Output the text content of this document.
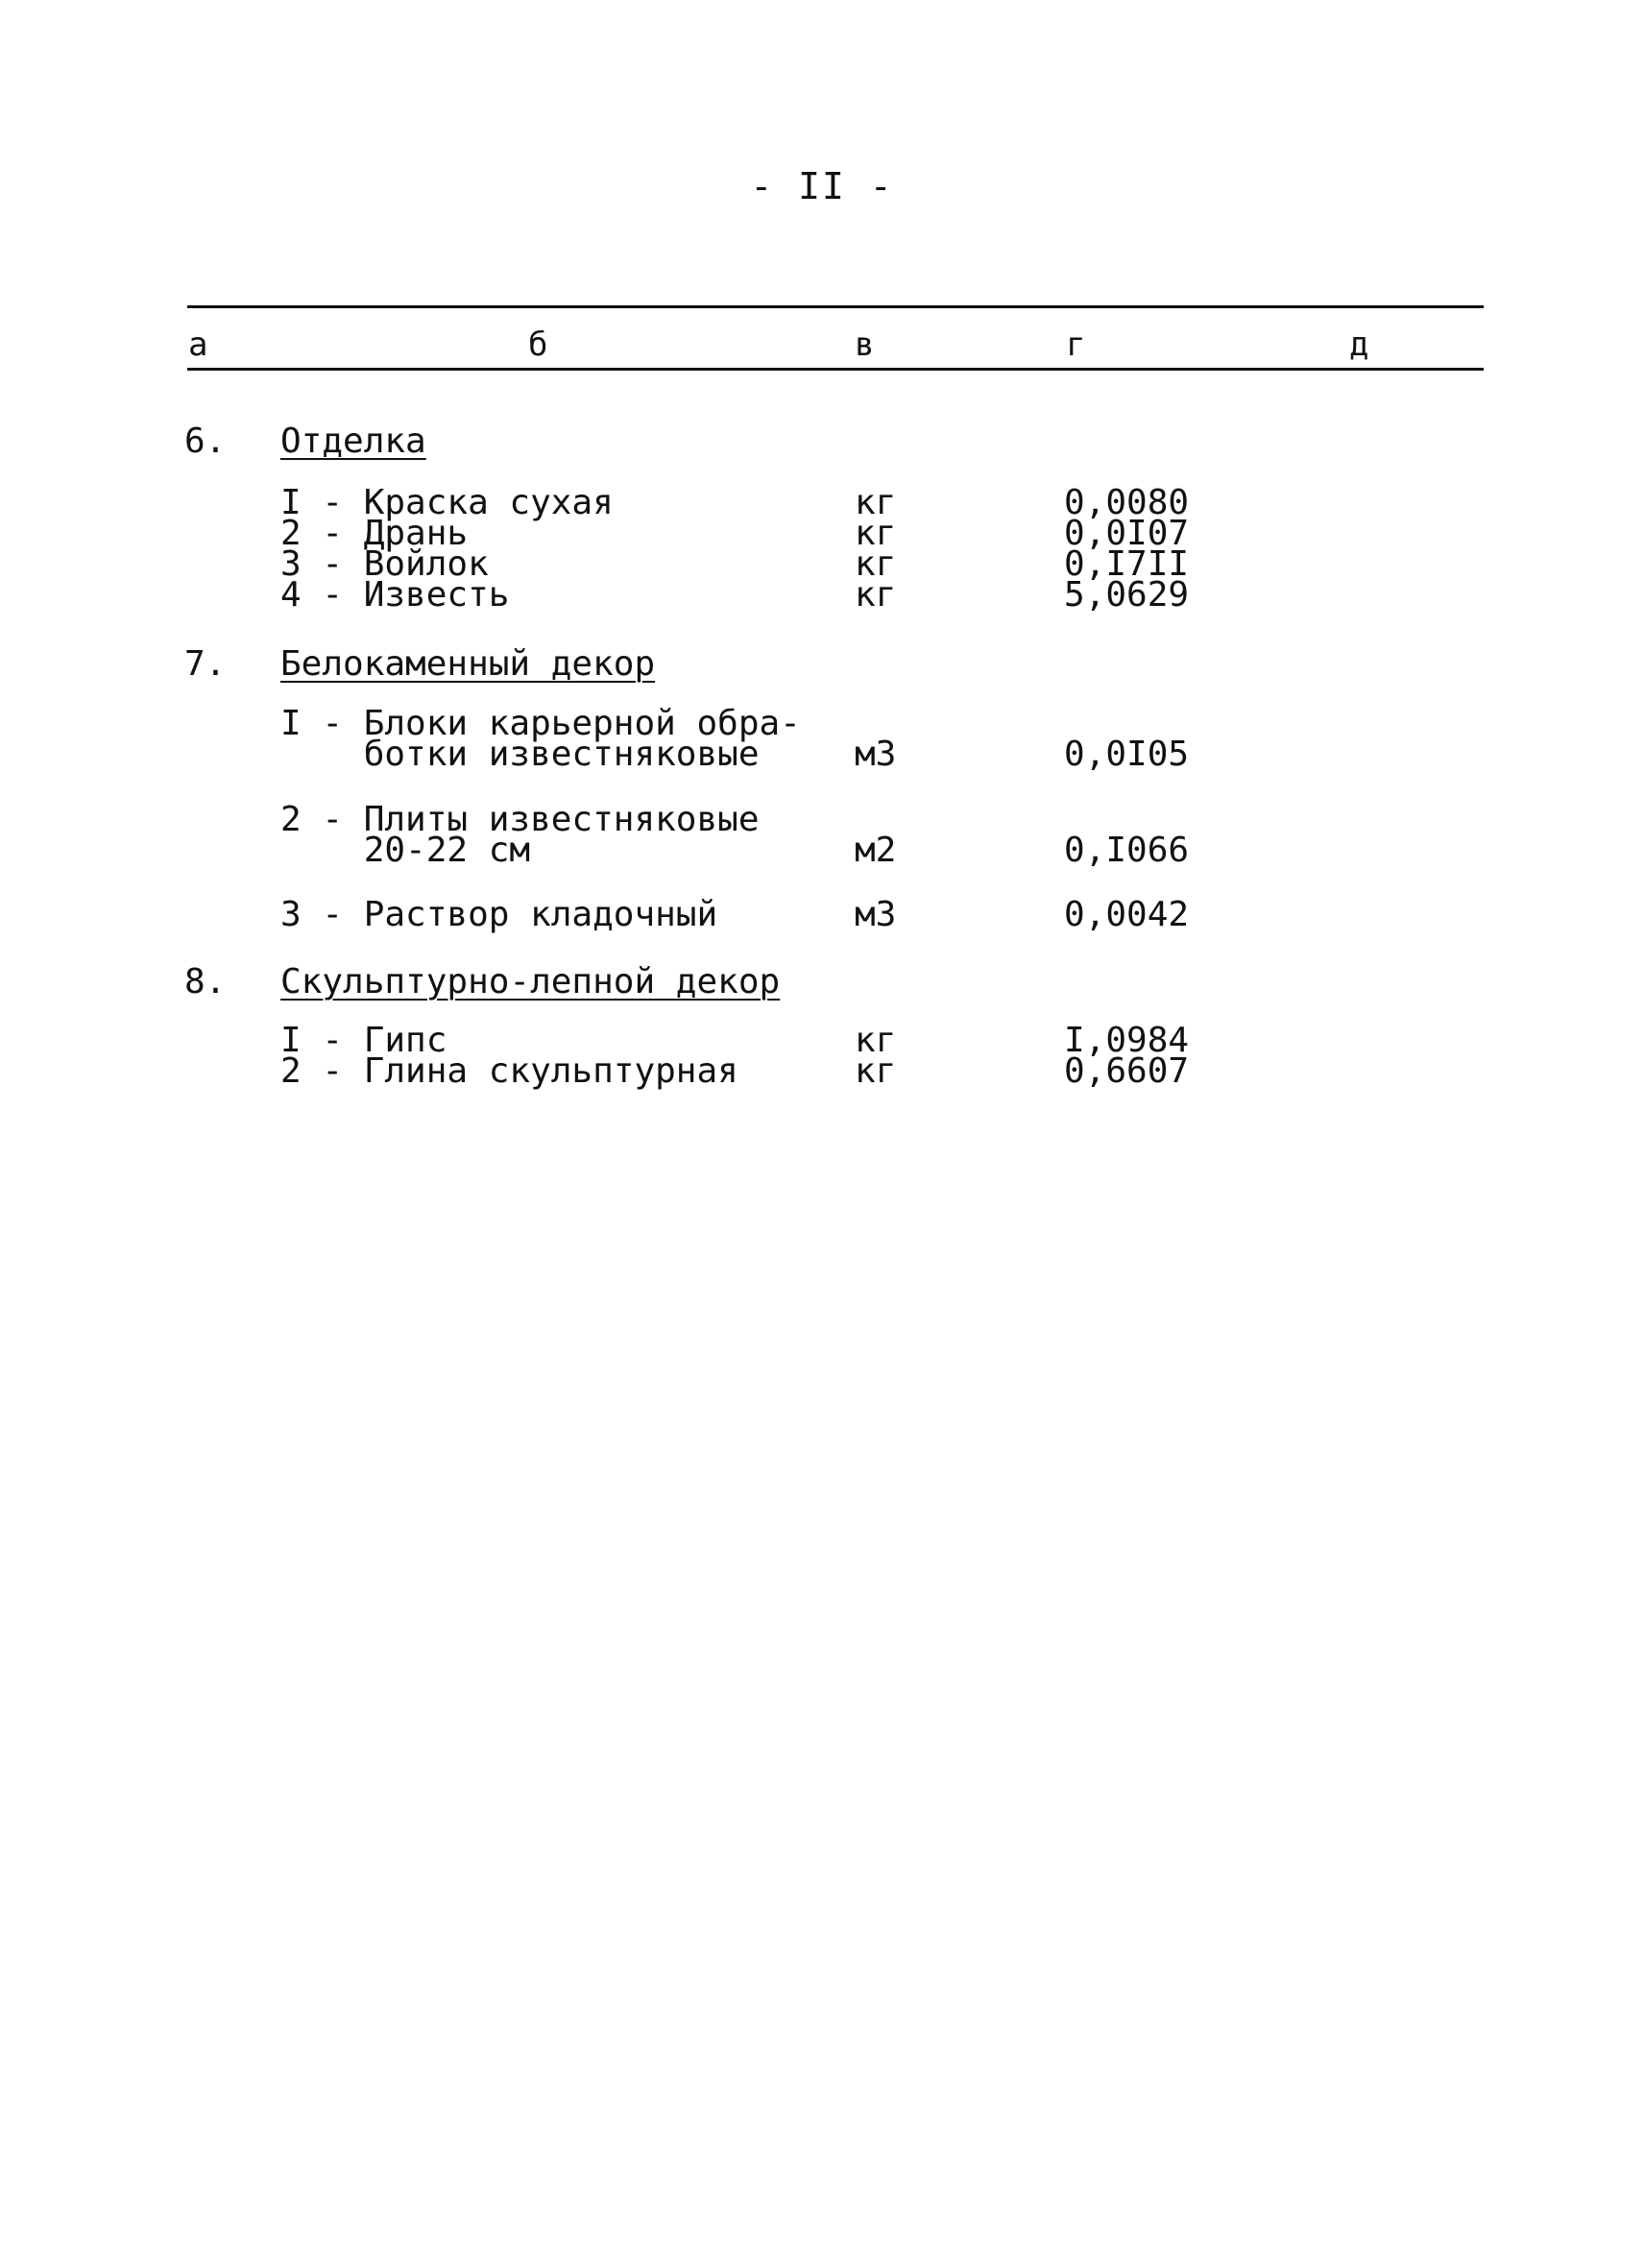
- II -
а	б	в	г	д
6. Отделка
I - Краска сухая	кг	0,0080
2 - Дрань	кг	0,0I07
3 - Войлок	кг	0,I7II
4 - Известь	кг	5,0629
7. Белокаменный декор
I - Блоки карьерной обра-
ботки известняковые	м3	0,0I05
2 - Плиты известняковые
20-22 см	м2	0,I066
3 - Раствор кладочный	м3	0,0042
8. Скульптурно-лепной декор
I - Гипс	кг	I,0984
2 - Глина скульптурная	кг	0,6607
